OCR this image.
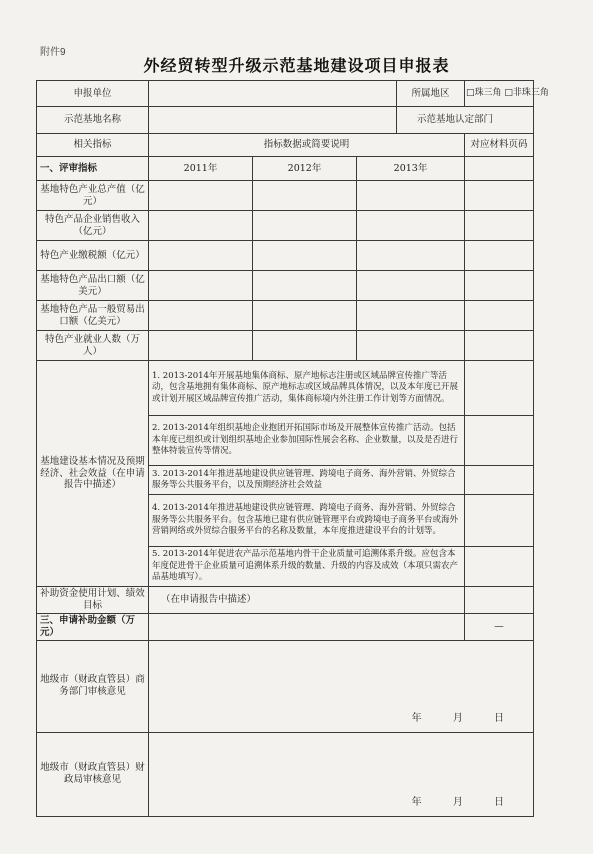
附件9
外经贸转型升级示范基地建设项目申报表
申报单位				所属地区	□珠三角 □非珠三角
示范基地名称				示范基地认定部门	
相关指标	指标数据或简要说明				对应材料页码
一、评审指标	2011年	2012年	2013年		
基地特色产业总产值（亿元）					
特色产品企业销售收入（亿元）					
特色产业缴税额（亿元）					
基地特色产品出口额（亿美元）					
基地特色产品一般贸易出口额（亿美元）					
特色产业就业人数（万人）					
基地建设基本情况及预期经济、社会效益（在申请报告中描述）	1. 2013-2014年开展基地集体商标、原产地标志注册或区域品牌宣传推广等活动，包含基地拥有集体商标、原产地标志或区域品牌具体情况，以及本年度已开展或计划开展区域品牌宣传推广活动，集体商标境内外注册工作计划等方面情况。				
	2. 2013-2014年组织基地企业抱团开拓国际市场及开展整体宣传推广活动。包括本年度已组织或计划组织基地企业参加国际性展会名称、企业数量，以及是否进行整体特装宣传等情况。				
	3. 2013-2014年推进基地建设供应链管理、跨境电子商务、海外营销、外贸综合服务等公共服务平台，以及预期经济社会效益				
	4. 2013-2014年推进基地建设供应链管理、跨境电子商务、海外营销、外贸综合服务等公共服务平台。包含基地已建有供应链管理平台或跨境电子商务平台或海外营销网络或外贸综合服务平台的名称及数量，本年度推进建设平台的计划等。				
	5. 2013-2014年促进农产品示范基地内骨干企业质量可追溯体系升级。应包含本年度促进骨干企业质量可追溯体系升级的数量、升级的内容及成效（本项只需农产品基地填写）。				
补助资金使用计划、绩效目标	（在申请报告中描述）				
三、申请补助金额（万元）					—
地级市（财政直管县）商务部门审核意见	年 月 日				

地级市（财政直管县）财政局审核意见	年 月 日				
